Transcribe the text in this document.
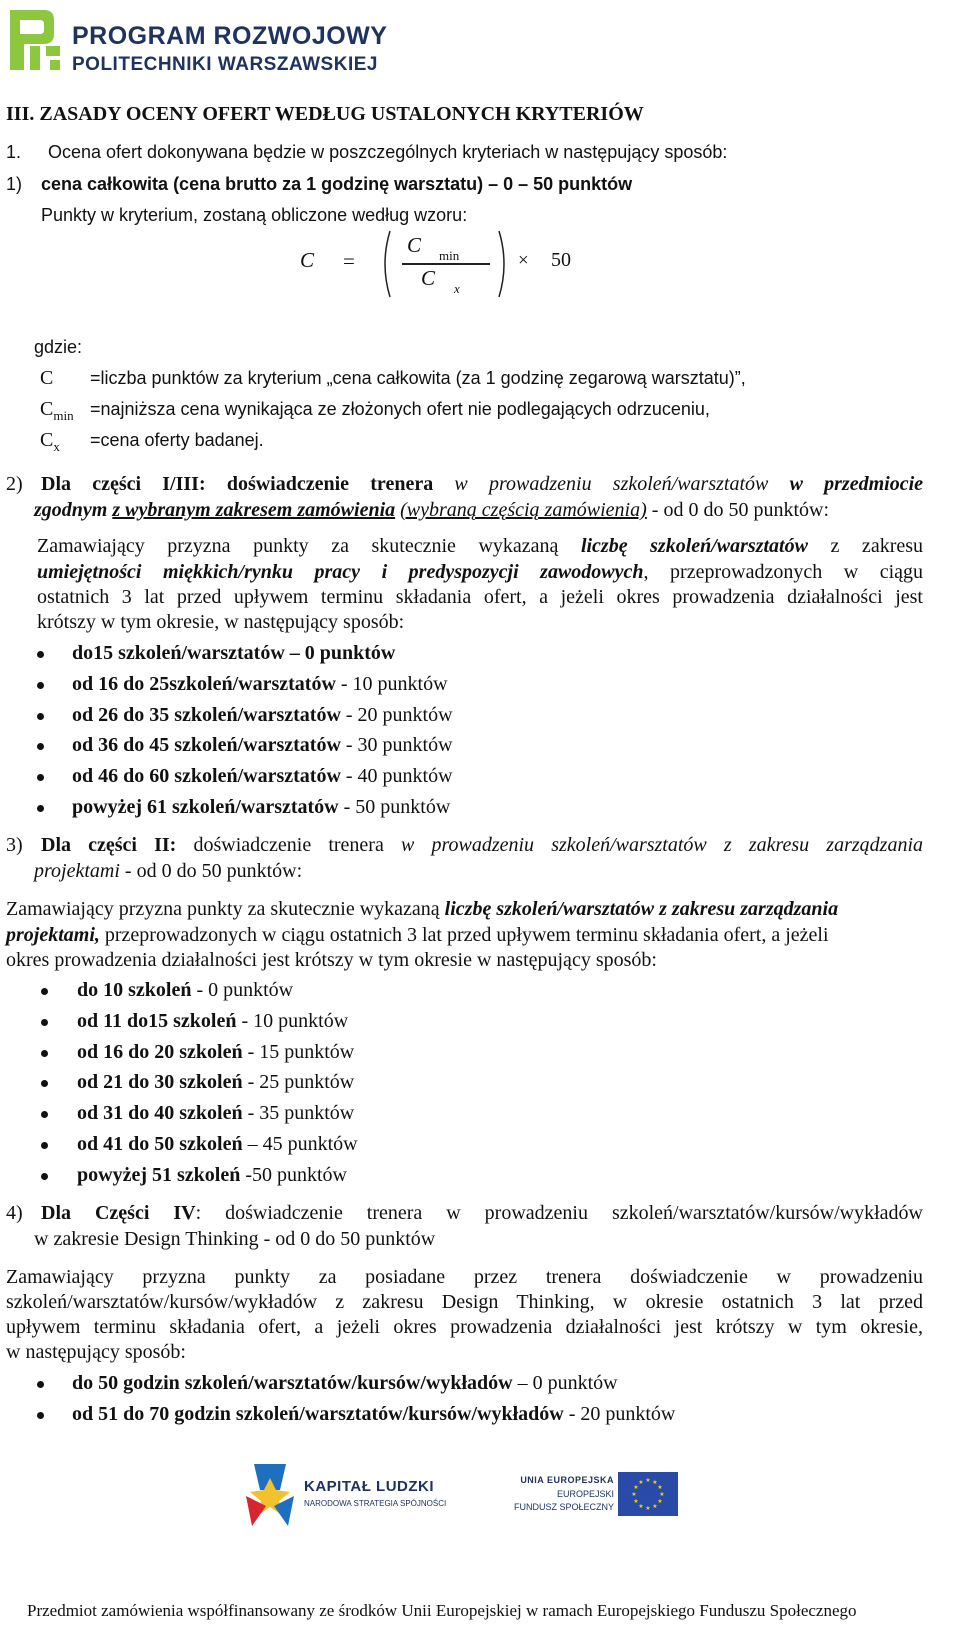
PROGRAM ROZWOJOWY
POLITECHNIKI WARSZAWSKIEJ
III. ZASADY OCENY OFERT WEDŁUG USTALONYCH KRYTERIÓW
1. Ocena ofert dokonywana będzie w poszczególnych kryteriach w następujący sposób:
1) cena całkowita (cena brutto za 1 godzinę warsztatu) – 0 – 50 punktów
Punkty w kryterium, zostaną obliczone według wzoru:
C =
C min
C x
× 50
gdzie:
C =liczba punktów za kryterium „cena całkowita (za 1 godzinę zegarową warsztatu)”,
$C_{min}$ =najniższa cena wynikająca ze złożonych ofert nie podlegających odrzuceniu,
$C_x$ =cena oferty badanej.
2) Dla części I/III: doświadczenie trenera w prowadzeniu szkoleń/warsztatów w przedmiocie
zgodnym z wybranym zakresem zamówienia (wybraną częścią zamówienia) - od 0 do 50 punktów:
Zamawiający przyzna punkty za skutecznie wykazaną liczbę szkoleń/warsztatów z zakresu
umiejętności miękkich/rynku pracy i predyspozycji zawodowych, przeprowadzonych w ciągu
ostatnich 3 lat przed upływem terminu składania ofert, a jeżeli okres prowadzenia działalności jest
krótszy w tym okresie, w następujący sposób:
do15 szkoleń/warsztatów – 0 punktów
od 16 do 25szkoleń/warsztatów - 10 punktów
od 26 do 35 szkoleń/warsztatów - 20 punktów
od 36 do 45 szkoleń/warsztatów - 30 punktów
od 46 do 60 szkoleń/warsztatów - 40 punktów
powyżej 61 szkoleń/warsztatów - 50 punktów
3) Dla części II: doświadczenie trenera w prowadzeniu szkoleń/warsztatów z zakresu zarządzania
projektami - od 0 do 50 punktów:
Zamawiający przyzna punkty za skutecznie wykazaną liczbę szkoleń/warsztatów z zakresu zarządzania
projektami, przeprowadzonych w ciągu ostatnich 3 lat przed upływem terminu składania ofert, a jeżeli
okres prowadzenia działalności jest krótszy w tym okresie w następujący sposób:
do 10 szkoleń - 0 punktów
od 11 do15 szkoleń - 10 punktów
od 16 do 20 szkoleń - 15 punktów
od 21 do 30 szkoleń - 25 punktów
od 31 do 40 szkoleń - 35 punktów
od 41 do 50 szkoleń – 45 punktów
powyżej 51 szkoleń -50 punktów
4) Dla Części IV: doświadczenie trenera w prowadzeniu szkoleń/warsztatów/kursów/wykładów
w zakresie Design Thinking - od 0 do 50 punktów
Zamawiający przyzna punkty za posiadane przez trenera doświadczenie w prowadzeniu
szkoleń/warsztatów/kursów/wykładów z zakresu Design Thinking, w okresie ostatnich 3 lat przed
upływem terminu składania ofert, a jeżeli okres prowadzenia działalności jest krótszy w tym okresie,
w następujący sposób:
do 50 godzin szkoleń/warsztatów/kursów/wykładów – 0 punktów
od 51 do 70 godzin szkoleń/warsztatów/kursów/wykładów - 20 punktów
KAPITAŁ LUDZKI
NARODOWA STRATEGIA SPÓJNOŚCI
UNIA EUROPEJSKA
EUROPEJSKI
FUNDUSZ SPOŁECZNY
★ ★
★
★
★
★
★
★
★
★
★
★
Przedmiot zamówienia współfinansowany ze środków Unii Europejskiej w ramach Europejskiego Funduszu Społecznego
